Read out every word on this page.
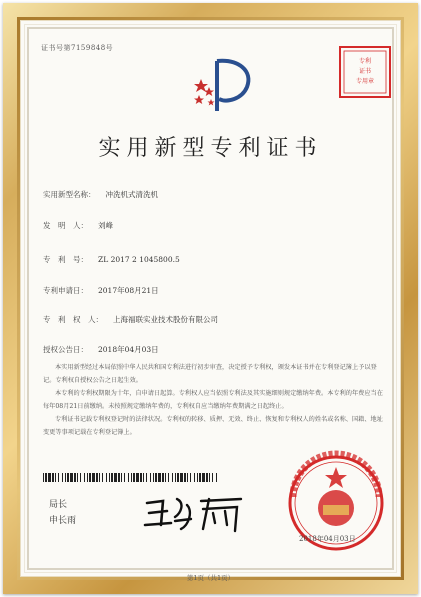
证书号第7159848号
专利
证书
专用章
实用新型专利证书
实用新型名称： 冲洗机式清洗机
发　明　人： 刘峰
专　利　号： ZL 2017 2 1045800.5
专利申请日： 2017年08月21日
专　利　权　人： 上海福联实业技术股份有限公司
授权公告日： 2018年04月03日

本实用新型经过本局依照中华人民共和国专利法进行初步审查，决定授予专利权，颁发本证书并在专利登记簿上予以登记。专利权自授权公告之日起生效。

本专利的专利权期限为十年，自申请日起算。专利权人应当依照专利法及其实施细则规定缴纳年费。本专利的年费应当在每年08月21日前缴纳。未按照规定缴纳年费的，专利权自应当缴纳年费期满之日起终止。

专利证书记载专利权登记时的法律状况。专利权的转移、质押、无效、终止、恢复和专利权人的姓名或名称、国籍、地址变更等事项记载在专利登记簿上。

局长
申长雨
2018年04月03日
第1页（共1页）
